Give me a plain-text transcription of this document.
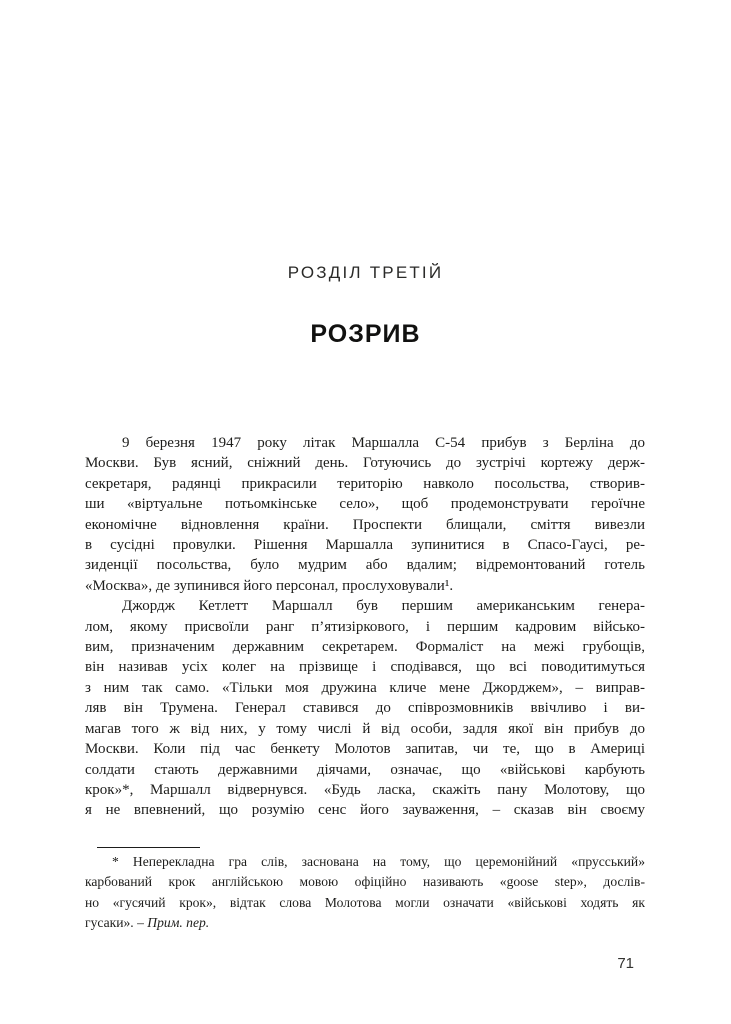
РОЗДІЛ ТРЕТІЙ
РОЗРИВ
9 березня 1947 року літак Маршалла С-54 прибув з Берліна до
Москви. Був ясний, сніжний день. Готуючись до зустрічі кортежу держ-
секретаря, радянці прикрасили територію навколо посольства, створив-
ши «віртуальне потьомкінське село», щоб продемонструвати героїчне
економічне відновлення країни. Проспекти блищали, сміття вивезли
в сусідні провулки. Рішення Маршалла зупинитися в Спасо-Гаусі, ре-
зиденції посольства, було мудрим або вдалим; відремонтований готель
«Москва», де зупинився його персонал, прослуховували¹.
Джордж Кетлетт Маршалл був першим американським генера-
лом, якому присвоїли ранг п’ятизіркового, і першим кадровим військо-
вим, призначеним державним секретарем. Формаліст на межі грубощів,
він називав усіх колег на прізвище і сподівався, що всі поводитимуться
з ним так само. «Тільки моя дружина кличе мене Джорджем», – виправ-
ляв він Трумена. Генерал ставився до співрозмовників ввічливо і ви-
магав того ж від них, у тому числі й від особи, задля якої він прибув до
Москви. Коли під час бенкету Молотов запитав, чи те, що в Америці
солдати стають державними діячами, означає, що «військові карбують
крок»*, Маршалл відвернувся. «Будь ласка, скажіть пану Молотову, що
я не впевнений, що розумію сенс його зауваження, – сказав він своєму
* Неперекладна гра слів, заснована на тому, що церемонійний «прусський»
карбований крок англійською мовою офіційно називають «goose step», дослів-
но «гусячий крок», відтак слова Молотова могли означати «військові ходять як
гусаки». – Прим. пер.
71
